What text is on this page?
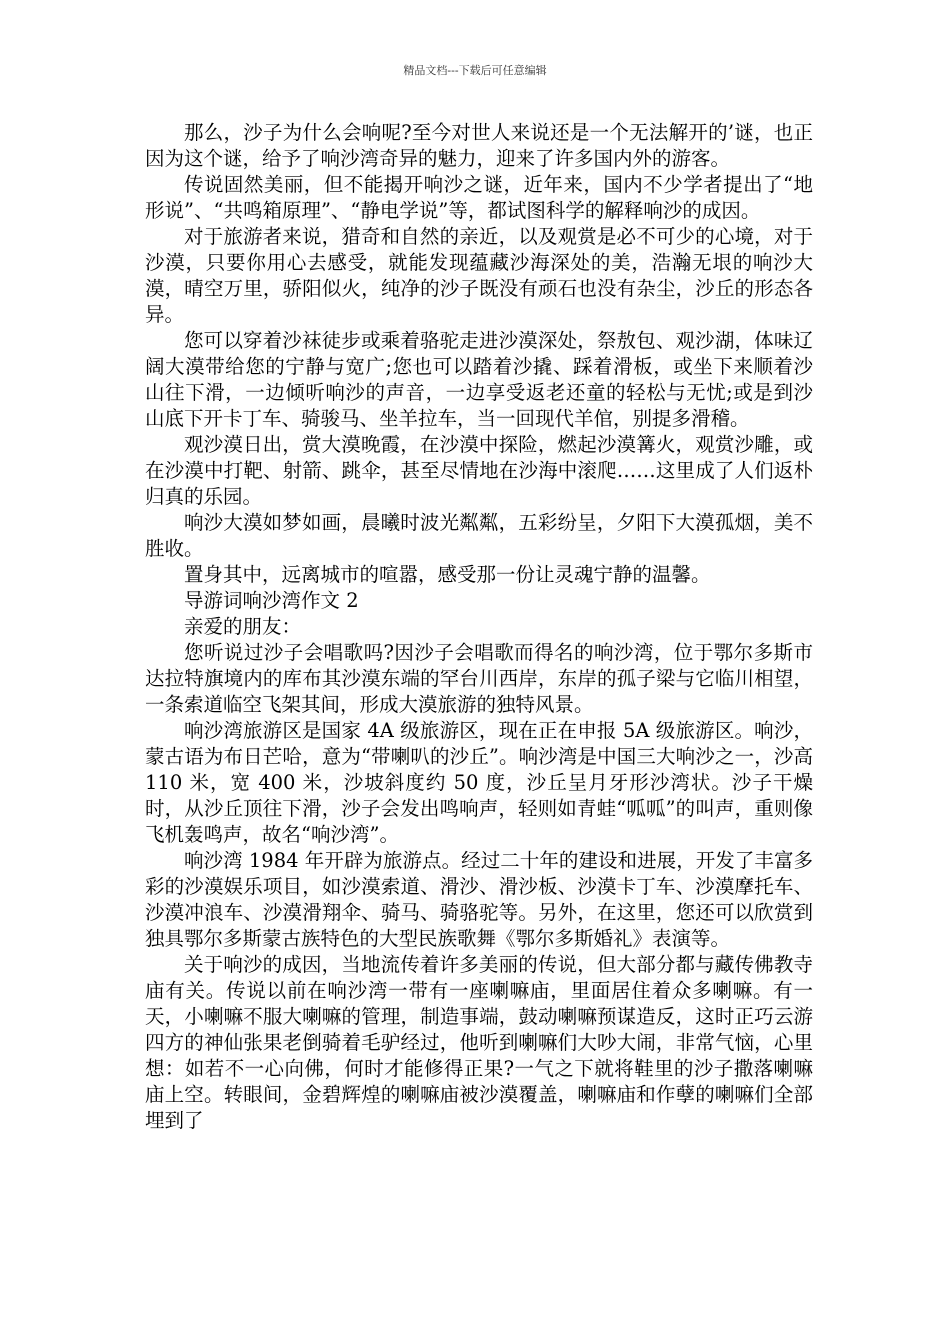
精品文档---下载后可任意编辑

那么，沙子为什么会响呢?至今对世人来说还是一个无法解开的’谜，也正因为这个谜，给予了响沙湾奇异的魅力，迎来了许多国内外的游客。

传说固然美丽，但不能揭开响沙之谜，近年来，国内不少学者提出了“地形说”、“共鸣箱原理”、“静电学说”等，都试图科学的解释响沙的成因。

对于旅游者来说，猎奇和自然的亲近，以及观赏是必不可少的心境，对于沙漠，只要你用心去感受，就能发现蕴藏沙海深处的美，浩瀚无垠的响沙大漠，晴空万里，骄阳似火，纯净的沙子既没有顽石也没有杂尘，沙丘的形态各异。

您可以穿着沙袜徒步或乘着骆驼走进沙漠深处，祭敖包、观沙湖，体味辽阔大漠带给您的宁静与宽广;您也可以踏着沙撬、踩着滑板，或坐下来顺着沙山往下滑，一边倾听响沙的声音，一边享受返老还童的轻松与无忧;或是到沙山底下开卡丁车、骑骏马、坐羊拉车，当一回现代羊倌，别提多滑稽。

观沙漠日出，赏大漠晚霞，在沙漠中探险，燃起沙漠篝火，观赏沙雕，或在沙漠中打靶、射箭、跳伞，甚至尽情地在沙海中滚爬……这里成了人们返朴归真的乐园。

响沙大漠如梦如画，晨曦时波光粼粼，五彩纷呈，夕阳下大漠孤烟，美不胜收。

置身其中，远离城市的喧嚣，感受那一份让灵魂宁静的温馨。

导游词响沙湾作文 2

亲爱的朋友：

您听说过沙子会唱歌吗?因沙子会唱歌而得名的响沙湾，位于鄂尔多斯市达拉特旗境内的库布其沙漠东端的罕台川西岸，东岸的孤子梁与它临川相望，一条索道临空飞架其间，形成大漠旅游的独特风景。

响沙湾旅游区是国家 4A 级旅游区，现在正在申报 5A 级旅游区。响沙，蒙古语为布日芒哈，意为“带喇叭的沙丘”。响沙湾是中国三大响沙之一，沙高 110 米，宽 400 米，沙坡斜度约 50 度，沙丘呈月牙形沙湾状。沙子干燥时，从沙丘顶往下滑，沙子会发出鸣响声，轻则如青蛙“呱呱”的叫声，重则像飞机轰鸣声，故名“响沙湾”。

响沙湾 1984 年开辟为旅游点。经过二十年的建设和进展，开发了丰富多彩的沙漠娱乐项目，如沙漠索道、滑沙、滑沙板、沙漠卡丁车、沙漠摩托车、沙漠冲浪车、沙漠滑翔伞、骑马、骑骆驼等。另外，在这里，您还可以欣赏到独具鄂尔多斯蒙古族特色的大型民族歌舞《鄂尔多斯婚礼》表演等。

关于响沙的成因，当地流传着许多美丽的传说，但大部分都与藏传佛教寺庙有关。传说以前在响沙湾一带有一座喇嘛庙，里面居住着众多喇嘛。有一天，小喇嘛不服大喇嘛的管理，制造事端，鼓动喇嘛预谋造反，这时正巧云游四方的神仙张果老倒骑着毛驴经过，他听到喇嘛们大吵大闹，非常气恼，心里想：如若不一心向佛，何时才能修得正果?一气之下就将鞋里的沙子撒落喇嘛庙上空。转眼间，金碧辉煌的喇嘛庙被沙漠覆盖，喇嘛庙和作孽的喇嘛们全部埋到了
